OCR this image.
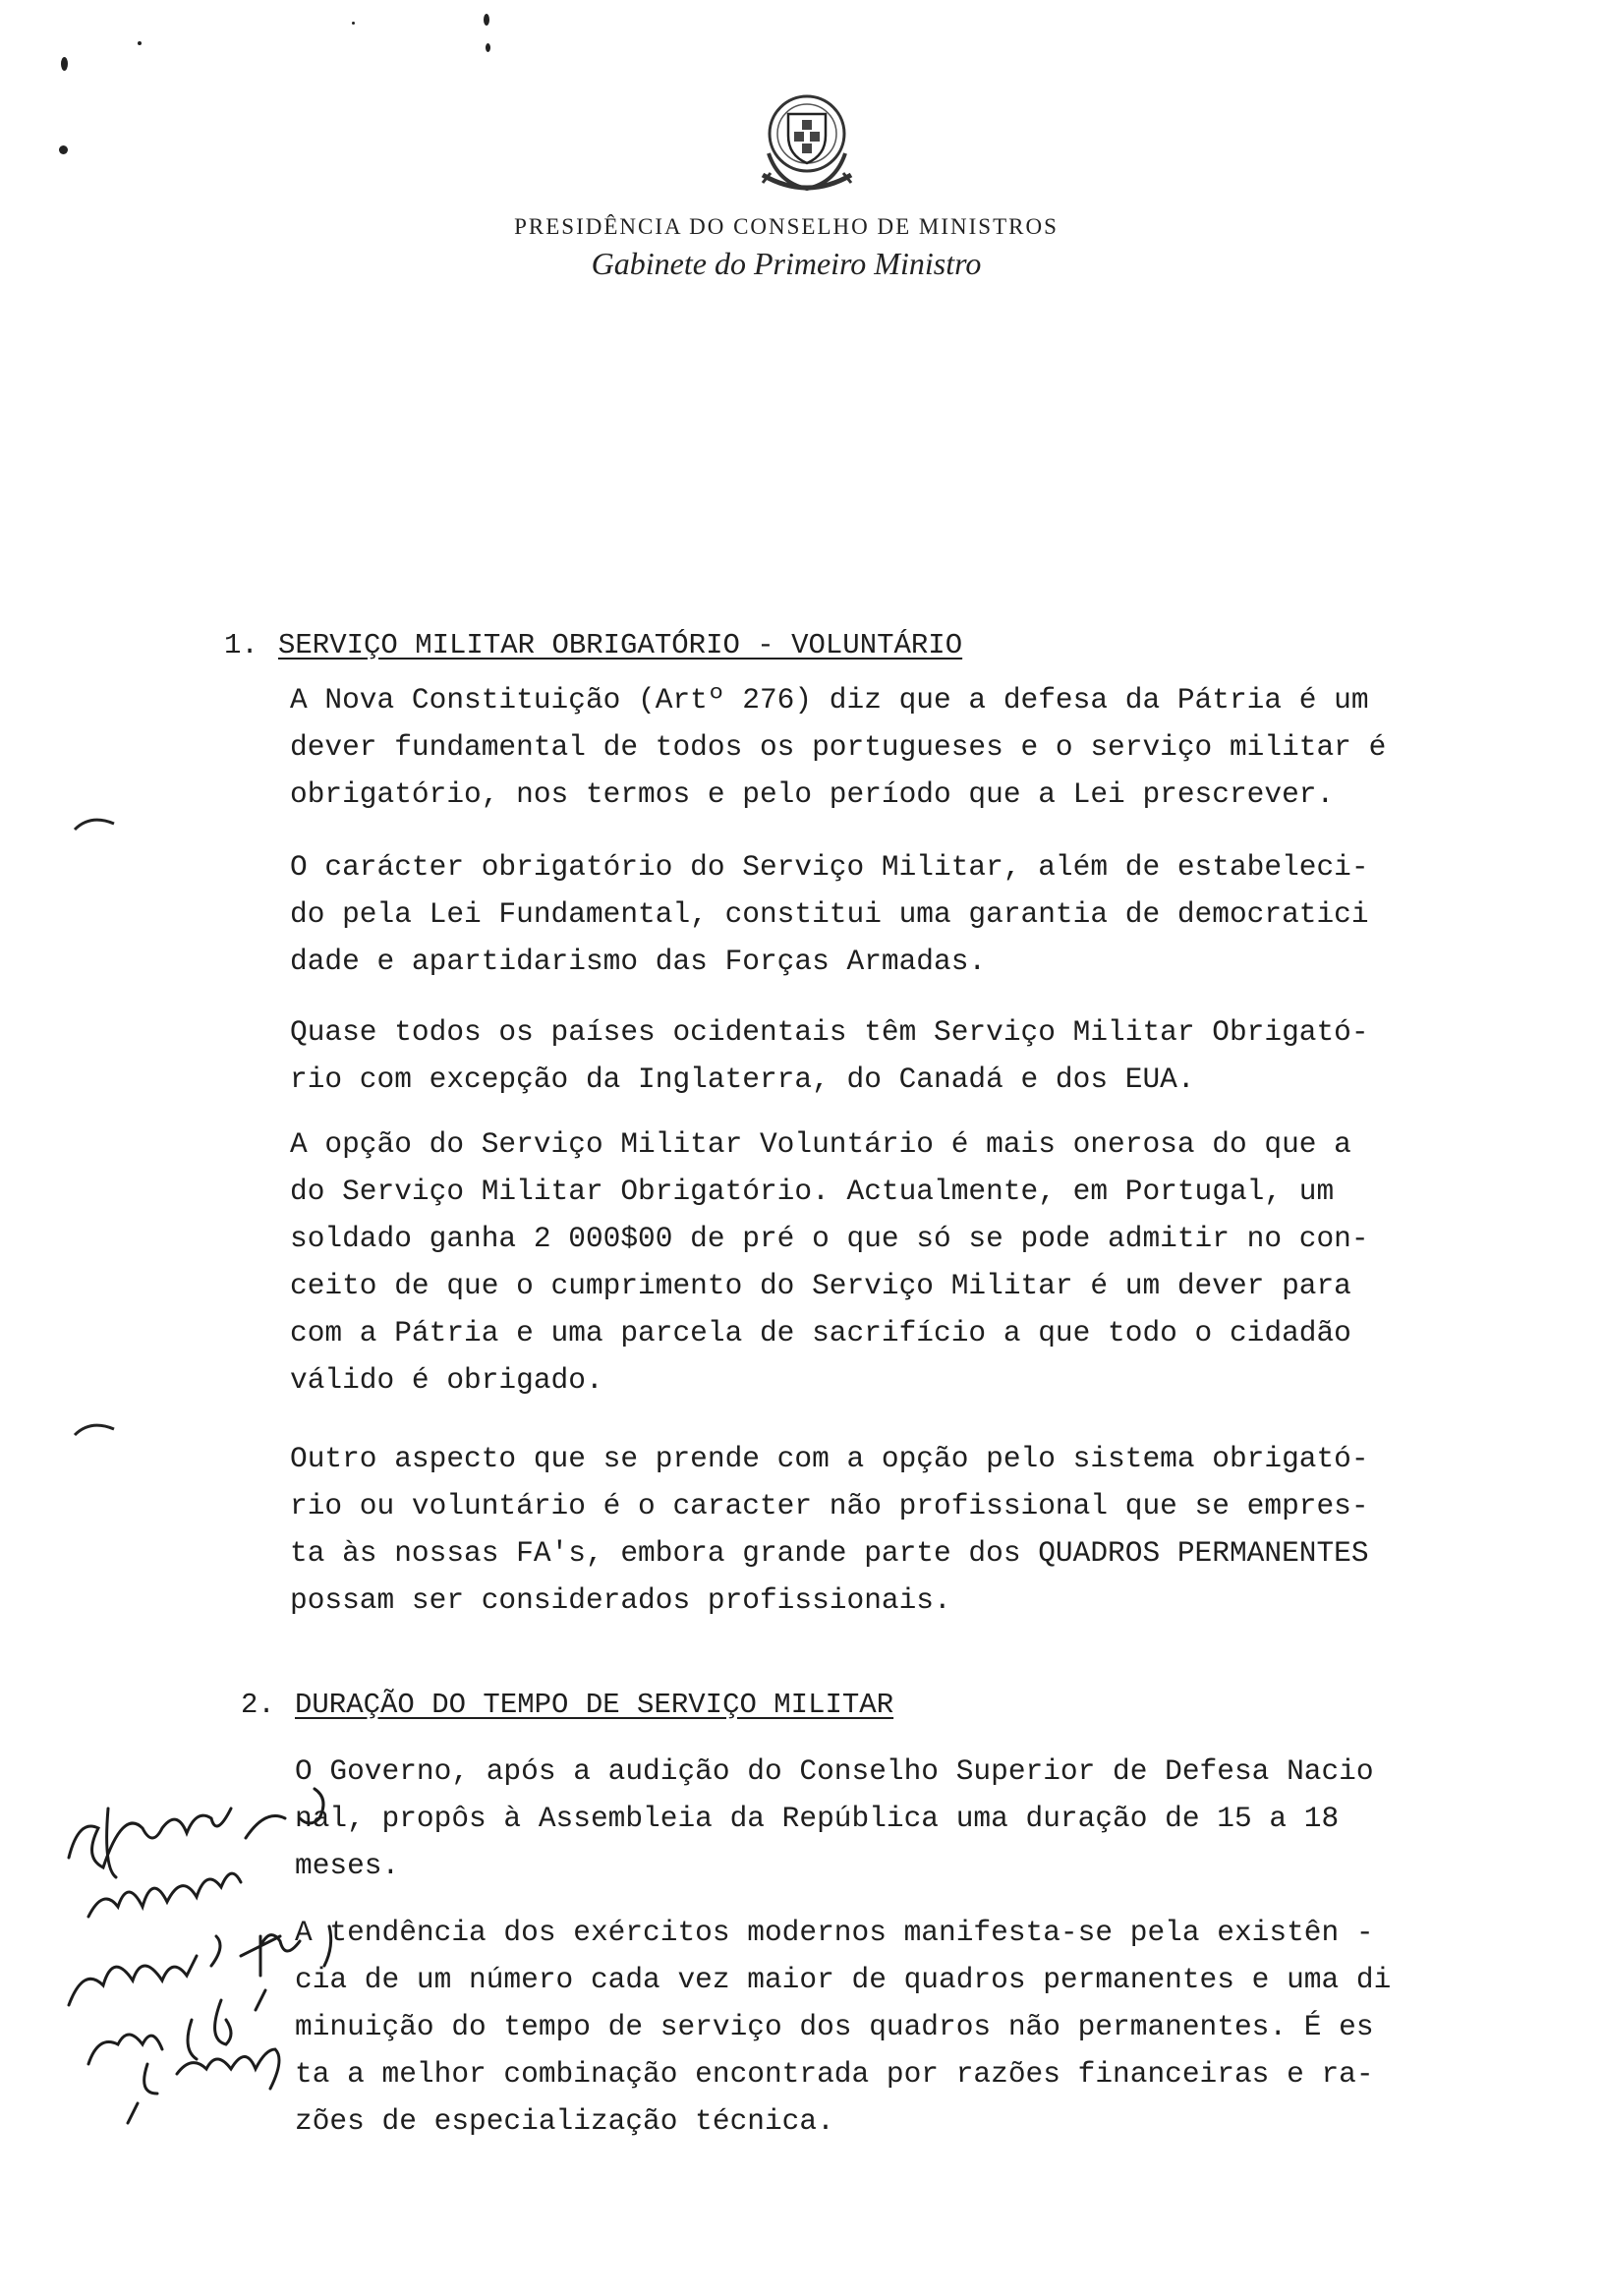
PRESIDÊNCIA DO CONSELHO DE MINISTROS
Gabinete do Primeiro Ministro
1. SERVIÇO MILITAR OBRIGATÓRIO - VOLUNTÁRIO

A Nova Constituição (Artº 276) diz que a defesa da Pátria é um
dever fundamental de todos os portugueses e o serviço militar é
obrigatório, nos termos e pelo período que a Lei prescrever.

O carácter obrigatório do Serviço Militar, além de estabeleci-
do pela Lei Fundamental, constitui uma garantia de democratici
dade e apartidarismo das Forças Armadas.

Quase todos os países ocidentais têm Serviço Militar Obrigató-
rio com excepção da Inglaterra, do Canadá e dos EUA.

A opção do Serviço Militar Voluntário é mais onerosa do que a
do Serviço Militar Obrigatório. Actualmente, em Portugal, um
soldado ganha 2 000$00 de pré o que só se pode admitir no con-
ceito de que o cumprimento do Serviço Militar é um dever para
com a Pátria e uma parcela de sacrifício a que todo o cidadão
válido é obrigado.

Outro aspecto que se prende com a opção pelo sistema obrigató-
rio ou voluntário é o caracter não profissional que se empres-
ta às nossas FA's, embora grande parte dos QUADROS PERMANENTES
possam ser considerados profissionais.

2. DURAÇÃO DO TEMPO DE SERVIÇO MILITAR

O Governo, após a audição do Conselho Superior de Defesa Nacio
nal, propôs à Assembleia da República uma duração de 15 a 18
meses.

A tendência dos exércitos modernos manifesta-se pela existên -
cia de um número cada vez maior de quadros permanentes e uma di
minuição do tempo de serviço dos quadros não permanentes. É es
ta a melhor combinação encontrada por razões financeiras e ra-
zões de especialização técnica.
